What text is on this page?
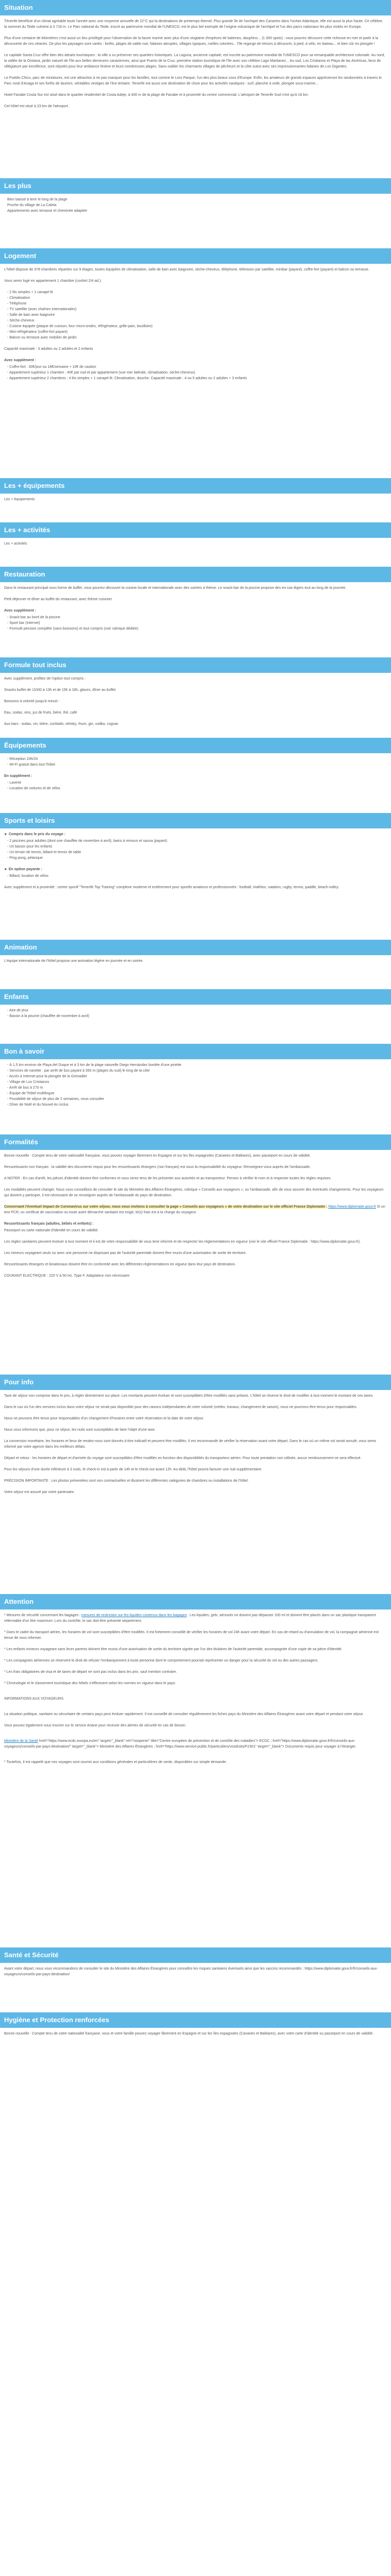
Situation

Ténerife bénéficie d'un climat agréable toute l'année avec une moyenne annuelle de 22°C qui la destinations de printemps éternel. Plus grande île de l'archipel des Canaries dans l'océan Atlantique, elle est aussi la plus haute. Ce célèbre, la sommet du Teide culmine à 3 718 m. Le Parc national du Teide, inscrit au patrimoine mondial de l'UNESCO, est le plus bel exemple de l'origine volcanique de l'archipel et l'un des parcs nationaux les plus visités en Europe.

Plus d'une centaine de kilomètres c'est aussi un lieu privilégié pour l'observation de la faune marine avec plus d'une vingtaine d'espèces de baleines, dauphins... (1 000 spots) ; vous pourrez découvrir cette richesse en mer et partir à la découverte de ces cétacés. De plus les paysages sont variés : forêts, plages de sable noir, falaises abruptes, villages typiques, ruelles colorées... l'île regorge de trésors à découvrir, à pied, à vélo, en bateau... et bien sûr en plongée !

Le capitale Santa Cruz offre bien des attraits touristiques : la ville a su préserver ses quartiers historiques. La Laguna, ancienne capitale, est inscrite au patrimoine mondial de l'UNESCO pour sa remarquable architecture coloniale. Au nord, la vallée de la Orotava, jardin naturel de l'île aux belles demeures canariennes, ainsi que Puerto de la Cruz, première station touristique de l'île avec son célèbre Lago Martianez... Au sud, Los Cristianos et Playa de las Américas, lieux de villégiature par excellence, sont réputés pour leur ambiance festive et leurs nombreuses plages. Sans oublier les charmants villages de pêcheurs et la côte ouest avec ses impressionnantes falaises de Los Gigantes.

Le Pueblo Chico, parc de miniatures, est une attraction à ne pas manquer pour les familles, tout comme le Loro Parque, l'un des plus beaux zoos d'Europe. Enfin, les amateurs de grands espaces apprécieront les randonnées à travers le Parc rural d'Anaga et ses forêts de lauriers, véritables vestiges de l'ère tertiaire. Tenerife est aussi une destination de choix pour les activités nautiques : surf, planche à voile, plongée sous-marine...

Hotel Fanabe Costa Sur est situé dans le quartier résidentiel de Costa Adeje, à 400 m de la plage de Fanabe et à proximité du centre commercial. L'aéroport de Tenerife Sud n'est qu'à 18 km.

Cet hôtel est situé à 23 km de l'aéroport.

Les plus
Bien baissé à tenir le long de la plage
Proche du village de La Caleta
Appartements avec terrasse et cheminée adaptée
Logement

L'hôtel dispose de 378 chambres réparties sur 9 étages, toutes équipées de climatisation, salle de bain avec baignoire, sèche-cheveux, téléphone, télévision par satellite, minibar (payant), coffre-fort (payant) et balcon ou terrasse.

Vous serez logé en appartement 1 chambre (confort 2/4 ad.):

- 2 lits simples + 1 canapé-lit
- Climatisation
- Téléphone
- TV satellite (avec chaînes internationales)
- Salle de bain avec baignoire
- Sèche-cheveux
- Cuisine équipée (plaque de cuisson, four micro-ondes, réfrigérateur, grille-pain, bouilloire)
- Mini-réfrigérateur (coffre-fort payant)
- Balcon ou terrasse avec mobilier de jardin

Capacité maximale : 3 adultes ou 2 adultes et 2 enfants

Avec supplément :
- Coffre-fort : 30€/jour ou 18€/semaine + 10€ de caution
- Appartement supérieur 1 chambre : 40€ par nuit et par appartement (vue mer latérale, climatisation, sèche-cheveux)
- Appartement supérieur 2 chambres : 4 lits simples + 1 canapé-lit. Climatisation, douche. Capacité maximale : 4 ou 5 adultes ou 2 adultes + 3 enfants
Les + équipements

Les + équipements

Les + activités

Les + activités

Restauration

Dans le restaurant principal sous forme de buffet, vous pourrez découvrir la cuisine locale et internationale avec des soirées à thème. Le snack-bar de la piscine propose des en-cas légers tout au long de la journée.

Petit déjeuner et dîner au buffet du restaurant, avec thème cuisinier.

Avec supplément :
- Snack-bar au bord de la piscine
- Sport bar (Internet)
- Formule pension complète (sans boissons) et tout compris (voir rubrique dédiée)
Formule tout inclus

Avec supplément, profitez de l'option tout compris :

Snacks buffet de 11h00 à 13h et de 15h à 18h, glaces, dîner au buffet

Boissons à volonté jusqu'à minuit :

Eau, sodas, vins, jus de fruits, bière, thé, café

Aux bars : sodas, vin, bière, cocktails, whisky, rhum, gin, vodka, cognac

Équipements
- Réception 24h/24
- Wi-Fi gratuit dans tout l'hôtel
En supplément :
- Laverie
- Location de voitures et de vélos
Sports et loisirs
► Compris dans le prix du voyage :
- 2 piscines pour adultes (dont une chauffée de novembre à avril), bains à remous et sauna (payant)
- Un bassin pour les enfants
- Un terrain de tennis, billard et tennis de table
- Ping pong, pétanque
► En option payante :
- Billard, location de vélos

Avec supplément et à proximité : centre sportif "Tenerife Top Training" complexe moderne et entièrement pour sportifs amateurs et professionnels : football, triathlon, natation, rugby, tennis, paddle, beach-volley.

Animation

L'équipe internationale de l'hôtel propose une animation légère en journée et en soirée.

Enfants
- Aire de jeux
- Bassin à la piscine (chauffée de novembre à avril)
Bon à savoir
- À 1,5 km environ de Playa del Duque et à 3 km de la plage naturelle Diego Hernández bordée d'une pinède
- Services de navette : par arrêt de bus payant à 350 m (plages du sud) le long de la côte
- Accès à Internet pour la plongée de la Grenadier
- Village de Los Cristianos
- Arrêt de bus à 270 m
- Équipe de l'hôtel multilingue
- Possibilité de séjour de plus de 2 semaines, nous consulter
- Dîner de Noël et du Nouvel An inclus
Formalités

Bonne nouvelle : Compte tenu de votre nationalité française, vous pouvez voyager librement en Espagne et sur les îles espagnoles (Canaries et Baléares), avec passeport en cours de validité.

Ressortissants non français : la validité des documents requis pour les ressortissants étrangers (non français) est sous la responsabilité du voyageur. Renseignez-vous auprès de l'ambassade.

A NOTER : En cas d'arrêt, les pièces d'identité doivent être conformes et vous serez tenu de les présenter aux autorités et au transporteur. Pensez à vérifier le nom et à respecter toutes les règles requises.

Les modalités peuvent changer. Nous vous conseillons de consulter le site du Ministère des Affaires Étrangères, rubrique « Conseils aux voyageurs », ou l'ambassade, afin de vous assurer des éventuels changements. Pour les voyageurs qui doivent y participer, il est nécessaire de se renseigner auprès de l'ambassade du pays de destination.

Concernant l'éventuel Impact de Coronavirus sur votre séjour, nous vous invitons à consulter la page « Conseils aux voyageurs » de votre destination sur le site officiel France Diplomatie : https://www.diplomatie.gouv.fr Si un test PCR, un certificat de vaccination ou toute autre démarche sanitaire est exigé, le(s) frais est à la charge du voyageur.

Ressortissants français (adultes, bébés et enfants) :

Passeport ou carte nationale d'identité en cours de validité.

Les règles sanitaires peuvent évoluer à tout moment et il est de votre responsabilité de vous tenir informé et de respecter les réglementations en vigueur (voir le site officiel France Diplomatie : https://www.diplomatie.gouv.fr).

Les mineurs voyageant seuls ou avec une personne ne disposant pas de l'autorité parentale doivent être munis d'une autorisation de sortie de territoire.

Ressortissants étrangers et binationaux doivent être en conformité avec les différentes réglementations en vigueur dans leur pays de destination.

COURANT ELECTRIQUE : 220 V à 50 Hz. Type F. Adaptateur non nécessaire.

Pour info

Taxe de séjour non comprise dans le prix, à régler directement sur place. Les montants peuvent évoluer et sont susceptibles d'être modifiés sans préavis. L'hôtel se réserve le droit de modifier à tout moment le montant de ces taxes.

Dans le cas où l'un des services inclus dans votre séjour ne serait pas disponible pour des raisons indépendantes de notre volonté (météo, travaux, changement de saison), nous ne pourrons être tenus pour responsables.

Nous ne pouvons être tenus pour responsables d'un changement d'horaires entre votre réservation et la date de votre séjour.

Nous vous informons que, pour ce séjour, les nuits sont susceptibles de faire l'objet d'une taxe.

La conversion monétaire, les horaires et lieux de rendez-vous sont donnés à titre indicatif et peuvent être modifiés. Il est recommandé de vérifier la réservation avant votre départ. Dans le cas où un même vol serait annulé, vous serez informé par votre agence dans les meilleurs délais.

Départ et retour : les horaires de départ et d'arrivée du voyage sont susceptibles d'être modifiés en fonction des disponibilités du transporteur aérien. Pour toute prestation non utilisée, aucun remboursement ne sera effectué.

Pour les séjours d'une durée inférieure à 3 nuits, le check-in est à partir de 14h et le check-out avant 12h. Au-delà, l'hôtel pourra facturer une nuit supplémentaire.

PRÉCISION IMPORTANTE : Les photos présentées sont non contractuelles et illustrent les différentes catégories de chambres ou installations de l'hôtel.

Votre séjour est assuré par notre partenaire.

Attention

* Mesures de sécurité concernant les bagages : mesures de restriction sur les liquides contenus dans les bagages . Les liquides, gels, aérosols ne doivent pas dépasser 100 ml et doivent être placés dans un sac plastique transparent refermable d'un litre maximum. Lors du contrôle, le sac doit être présenté séparément.

* Dans le cadre du transport aérien, les horaires de vol sont susceptibles d'être modifiés. Il est fortement conseillé de vérifier les horaires de vol 24h avant votre départ. En cas de retard ou d'annulation de vol, la compagnie aérienne est tenue de vous informer.

* Les enfants mineurs voyageant sans leurs parents doivent être munis d'une autorisation de sortie du territoire signée par l'un des titulaires de l'autorité parentale, accompagnée d'une copie de sa pièce d'identité.

* Les compagnies aériennes se réservent le droit de refuser l'embarquement à toute personne dont le comportement pourrait représenter un danger pour la sécurité du vol ou des autres passagers.

* Les frais obligatoires de visa et de taxes de départ ne sont pas inclus dans les prix, sauf mention contraire.

* Chronologie et le classement touristique des hôtels s'effectuent selon les normes en vigueur dans le pays.

INFORMATIONS AUX VOYAGEURS

La situation politique, sanitaire ou sécuritaire de certains pays peut évoluer rapidement. Il est conseillé de consulter régulièrement les fiches pays du Ministère des Affaires Étrangères avant votre départ et pendant votre séjour.

Vous pouvez également vous inscrire sur le service Ariane pour recevoir des alertes de sécurité en cas de besoin.

Ministère de la Santé href="https://www.ecdc.europa.eu/en" target="_blank" rel="noopener" title="Centre européen de prévention et de contrôle des maladies"> ECDC ; href="https://www.diplomatie.gouv.fr/fr/conseils-aux-voyageurs/conseils-par-pays-destination/" target="_blank"> Ministère des Affaires Étrangères ; href="https://www.service-public.fr/particuliers/vosdroits/F2301" target="_blank"> Documents requis pour voyager à l'étranger.

* Toutefois, il est rappelé que nos voyages sont soumis aux conditions générales et particulières de vente, disponibles sur simple demande.

Santé et Sécurité

Avant votre départ, nous vous recommandons de consulter le site du Ministère des Affaires Étrangères pour connaître les risques sanitaires éventuels ainsi que les vaccins recommandés : https://www.diplomatie.gouv.fr/fr/conseils-aux-voyageurs/conseils-par-pays-destination/

Hygiène et Protection renforcées

Bonne nouvelle : Compte tenu de votre nationalité française, vous et votre famille pouvez voyager librement en Espagne et sur les îles espagnoles (Canaries et Baléares), avec votre carte d'identité ou passeport en cours de validité.
